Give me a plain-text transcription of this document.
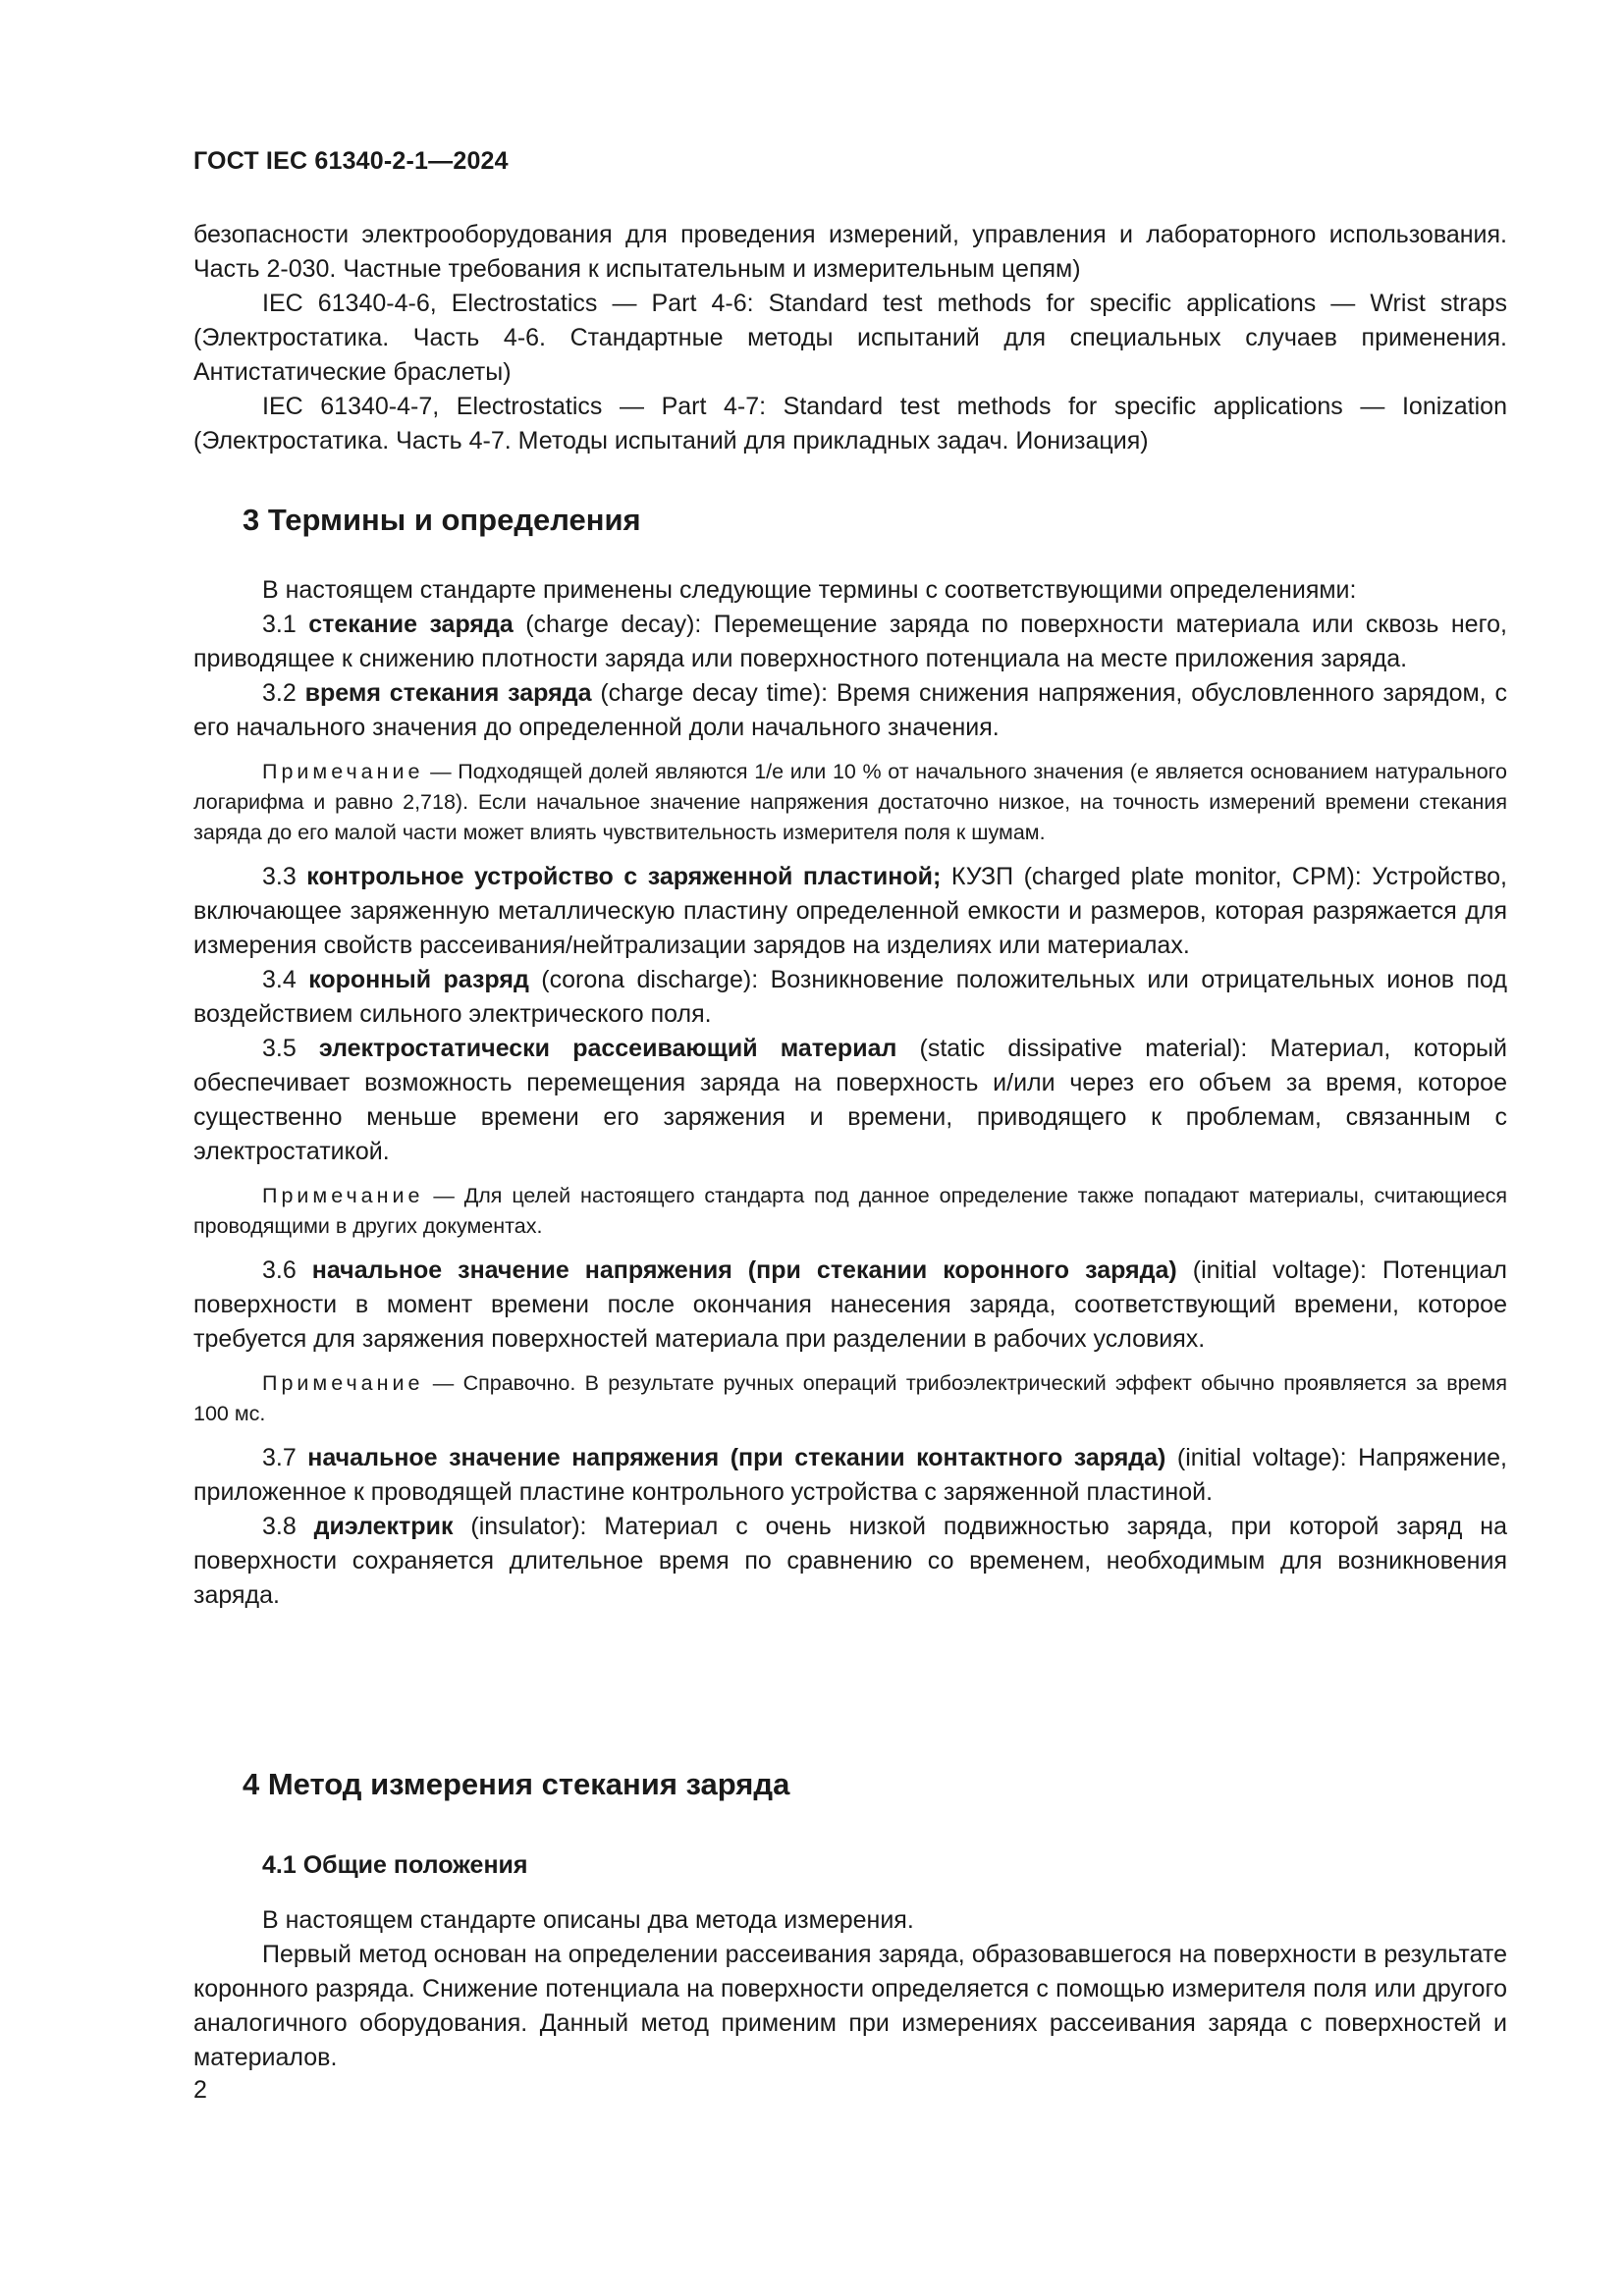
ГОСТ IEC 61340-2-1—2024

безопасности электрооборудования для проведения измерений, управления и лабораторного использования. Часть 2-030. Частные требования к испытательным и измерительным цепям)

IEC 61340-4-6, Electrostatics — Part 4-6: Standard test methods for specific applications — Wrist straps (Электростатика. Часть 4-6. Стандартные методы испытаний для специальных случаев применения. Антистатические браслеты)

IEC 61340-4-7, Electrostatics — Part 4-7: Standard test methods for specific applications — Ionization (Электростатика. Часть 4-7. Методы испытаний для прикладных задач. Ионизация)

3 Термины и определения

В настоящем стандарте применены следующие термины с соответствующими определениями:

3.1 стекание заряда (charge decay): Перемещение заряда по поверхности материала или сквозь него, приводящее к снижению плотности заряда или поверхностного потенциала на месте приложения заряда.

3.2 время стекания заряда (charge decay time): Время снижения напряжения, обусловленного зарядом, с его начального значения до определенной доли начального значения.

Примечание — Подходящей долей являются 1/e или 10 % от начального значения (e является основанием натурального логарифма и равно 2,718). Если начальное значение напряжения достаточно низкое, на точность измерений времени стекания заряда до его малой части может влиять чувствительность измерителя поля к шумам.

3.3 контрольное устройство с заряженной пластиной; КУЗП (charged plate monitor, CPM): Устройство, включающее заряженную металлическую пластину определенной емкости и размеров, которая разряжается для измерения свойств рассеивания/нейтрализации зарядов на изделиях или материалах.

3.4 коронный разряд (corona discharge): Возникновение положительных или отрицательных ионов под воздействием сильного электрического поля.

3.5 электростатически рассеивающий материал (static dissipative material): Материал, который обеспечивает возможность перемещения заряда на поверхность и/или через его объем за время, которое существенно меньше времени его заряжения и времени, приводящего к проблемам, связанным с электростатикой.

Примечание — Для целей настоящего стандарта под данное определение также попадают материалы, считающиеся проводящими в других документах.

3.6 начальное значение напряжения (при стекании коронного заряда) (initial voltage): Потенциал поверхности в момент времени после окончания нанесения заряда, соответствующий времени, которое требуется для заряжения поверхностей материала при разделении в рабочих условиях.

Примечание — Справочно. В результате ручных операций трибоэлектрический эффект обычно проявляется за время 100 мс.

3.7 начальное значение напряжения (при стекании контактного заряда) (initial voltage): Напряжение, приложенное к проводящей пластине контрольного устройства с заряженной пластиной.

3.8 диэлектрик (insulator): Материал с очень низкой подвижностью заряда, при которой заряд на поверхности сохраняется длительное время по сравнению со временем, необходимым для возникновения заряда.

4 Метод измерения стекания заряда
4.1 Общие положения

В настоящем стандарте описаны два метода измерения.

Первый метод основан на определении рассеивания заряда, образовавшегося на поверхности в результате коронного разряда. Снижение потенциала на поверхности определяется с помощью измерителя поля или другого аналогичного оборудования. Данный метод применим при измерениях рассеивания заряда с поверхностей и материалов.

2
